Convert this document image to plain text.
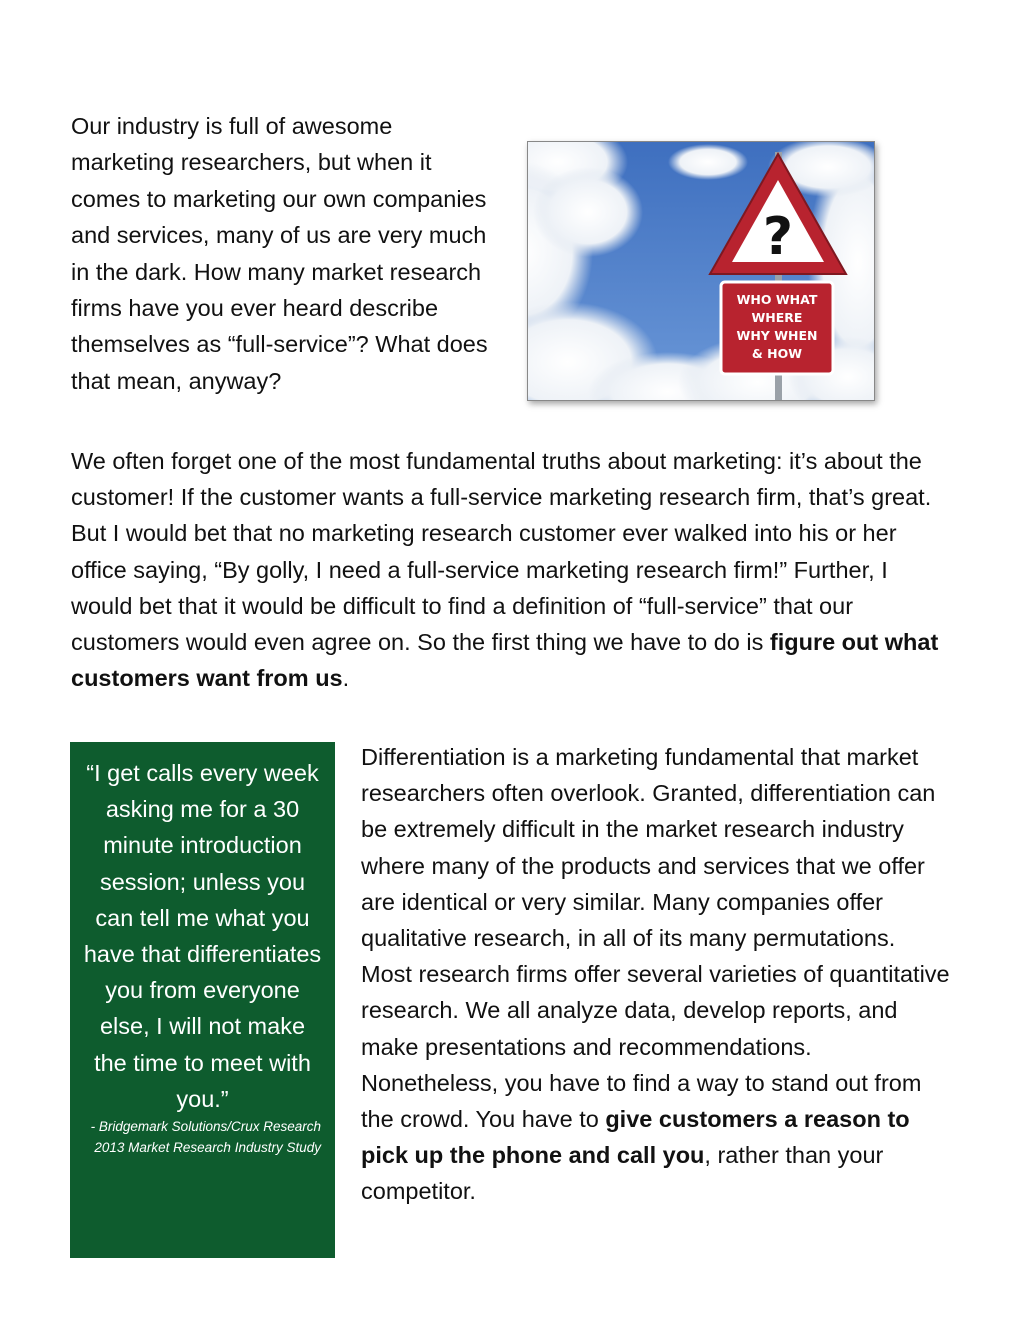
Our industry is full of awesome marketing researchers, but when it comes to marketing our own companies and services, many of us are very much in the dark. How many market research firms have you ever heard describe themselves as “full-service”? What does that mean, anyway?

?
WHO WHAT
WHERE
WHY WHEN
& HOW

We often forget one of the most fundamental truths about marketing: it’s about the customer! If the customer wants a full-service marketing research firm, that’s great. But I would bet that no marketing research customer ever walked into his or her office saying, “By golly, I need a full-service marketing research firm!” Further, I would bet that it would be difficult to find a definition of “full-service” that our customers would even agree on. So the first thing we have to do is figure out what customers want from us.

“I get calls every week asking me for a 30 minute introduction session; unless you can tell me what you have that differentiates you from everyone else, I will not make the time to meet with you.”

- Bridgemark Solutions/Crux Research 2013 Market Research Industry Study

Differentiation is a marketing fundamental that market researchers often overlook. Granted, differentiation can be extremely difficult in the market research industry where many of the products and services that we offer are identical or very similar. Many companies offer qualitative research, in all of its many permutations. Most research firms offer several varieties of quantitative research. We all analyze data, develop reports, and make presentations and recommendations. Nonetheless, you have to find a way to stand out from the crowd. You have to give customers a reason to pick up the phone and call you, rather than your competitor.
